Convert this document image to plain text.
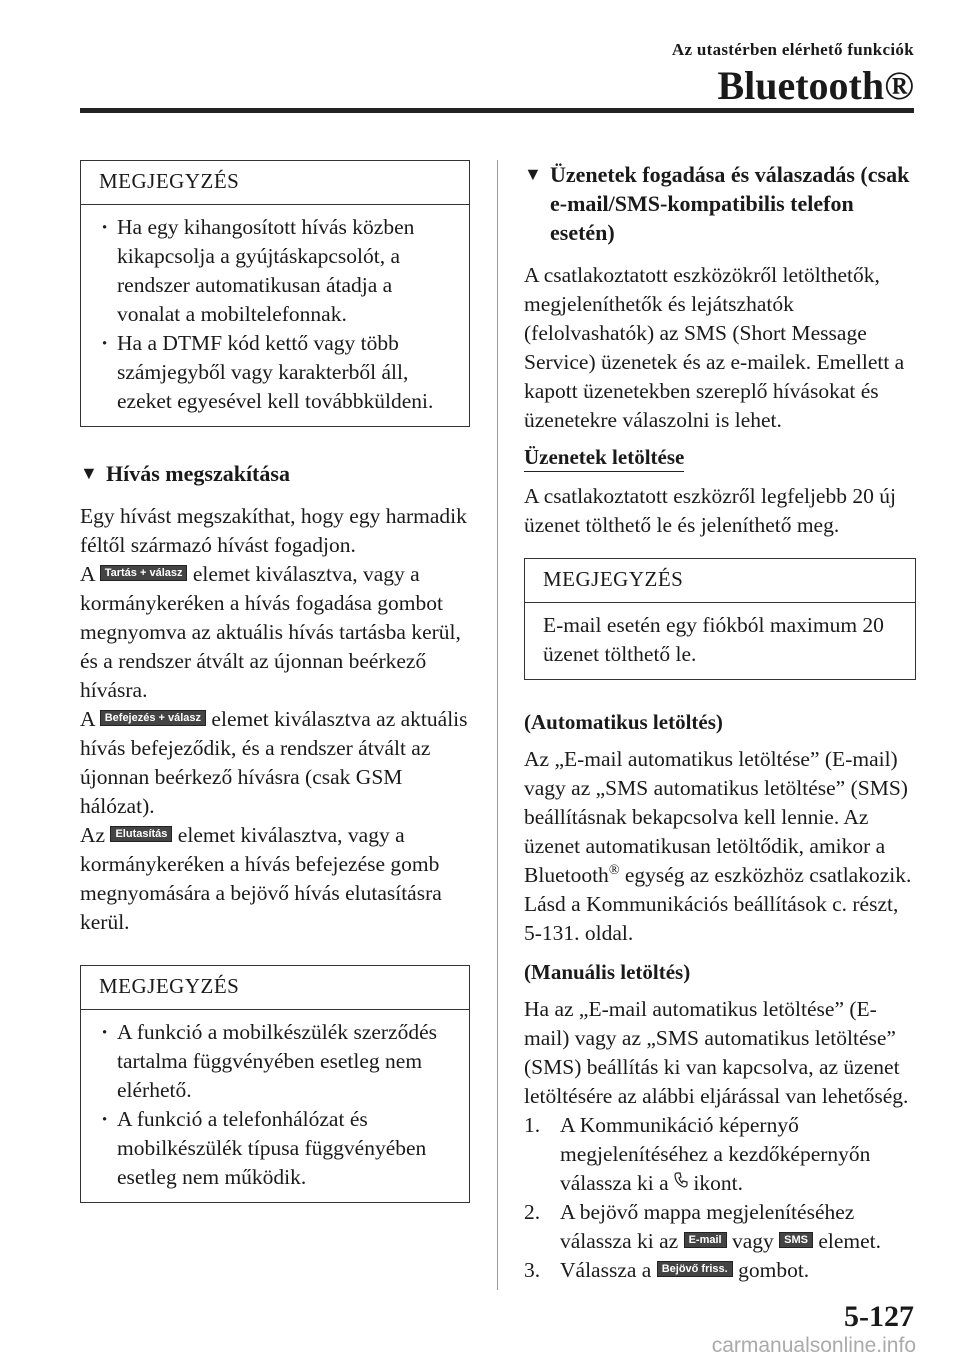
Az utastérben elérhető funkciók
Bluetooth®
MEGJEGYZÉS
· Ha egy kihangosított hívás közben kikapcsolja a gyújtáskapcsolót, a rendszer automatikusan átadja a vonalat a mobiltelefonnak.
· Ha a DTMF kód kettő vagy több számjegyből vagy karakterből áll, ezeket egyesével kell továbbküldeni.
▼ Hívás megszakítása

Egy hívást megszakíthat, hogy egy harmadik féltől származó hívást fogadjon.

A Tartás + válasz elemet kiválasztva, vagy a kormánykeréken a hívás fogadása gombot megnyomva az aktuális hívás tartásba kerül, és a rendszer átvált az újonnan beérkező hívásra.

A Befejezés + válasz elemet kiválasztva az aktuális hívás befejeződik, és a rendszer átvált az újonnan beérkező hívásra (csak GSM hálózat).

Az Elutasítás elemet kiválasztva, vagy a kormánykeréken a hívás befejezése gomb megnyomására a bejövő hívás elutasításra kerül.

MEGJEGYZÉS
· A funkció a mobilkészülék szerződés tartalma függvényében esetleg nem elérhető.
· A funkció a telefonhálózat és mobilkészülék típusa függvényében esetleg nem működik.
▼ Üzenetek fogadása és válaszadás (csak e-mail/SMS-kompatibilis telefon esetén)

A csatlakoztatott eszközökről letölthetők, megjeleníthetők és lejátszhatók (felolvashatók) az SMS (Short Message Service) üzenetek és az e-mailek. Emellett a kapott üzenetekben szereplő hívásokat és üzenetekre válaszolni is lehet.

Üzenetek letöltése

A csatlakoztatott eszközről legfeljebb 20 új üzenet tölthető le és jeleníthető meg.

MEGJEGYZÉS
E-mail esetén egy fiókból maximum 20 üzenet tölthető le.

(Automatikus letöltés)

Az „E-mail automatikus letöltése” (E-mail) vagy az „SMS automatikus letöltése” (SMS) beállításnak bekapcsolva kell lennie. Az üzenet automatikusan letöltődik, amikor a Bluetooth® egység az eszközhöz csatlakozik.

Lásd a Kommunikációs beállítások c. részt, 5-131. oldal.

(Manuális letöltés)

Ha az „E-mail automatikus letöltése” (E-mail) vagy az „SMS automatikus letöltése” (SMS) beállítás ki van kapcsolva, az üzenet letöltésére az alábbi eljárással van lehetőség.

1. A Kommunikáció képernyő megjelenítéséhez a kezdőképernyőn válassza ki a ikont.

2. A bejövő mappa megjelenítéséhez válassza ki az E-mail vagy SMS elemet.

3. Válassza a Bejövő friss. gombot.

5-127
carmanualsonline.info
